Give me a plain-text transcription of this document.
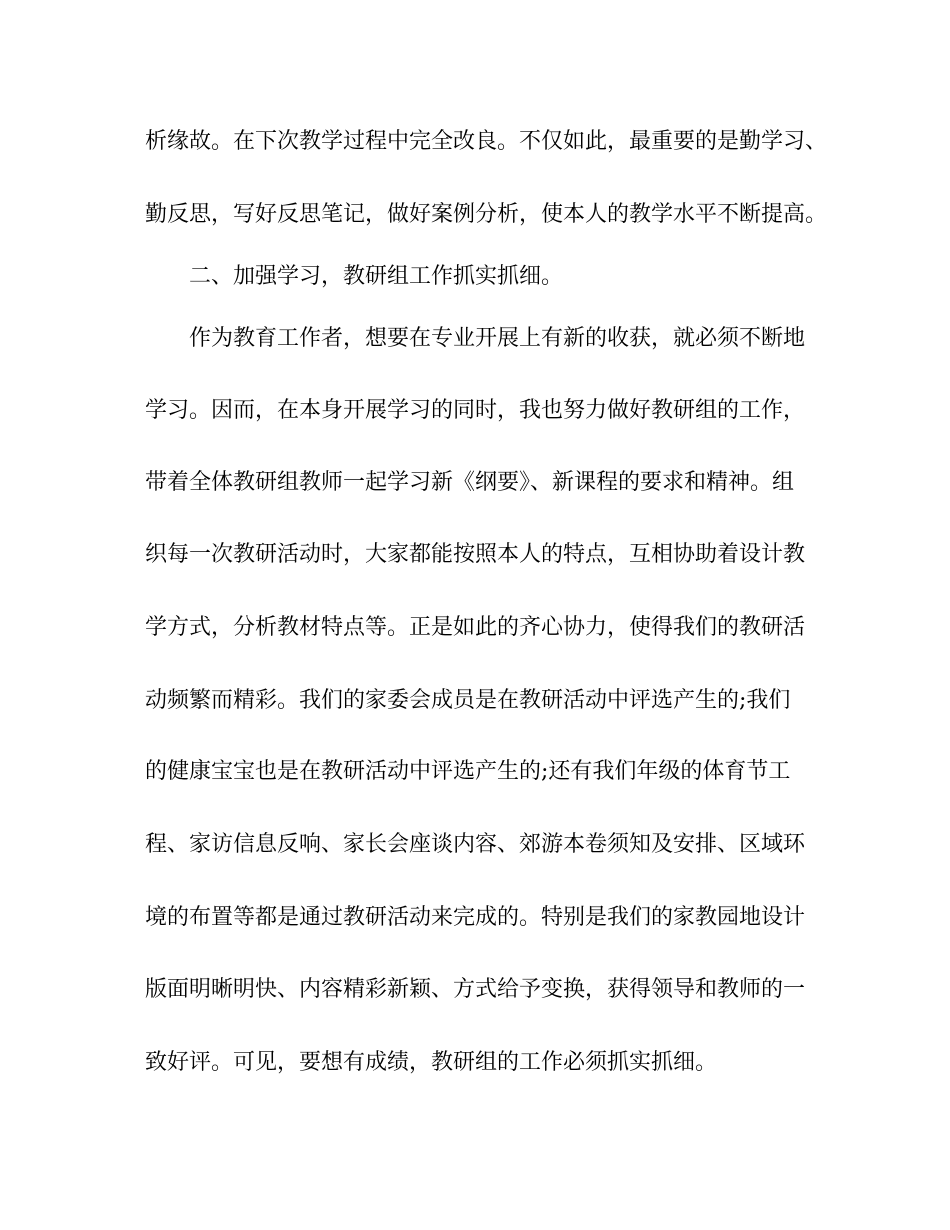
析缘故。在下次教学过程中完全改良。不仅如此，最重要的是勤学习、
勤反思，写好反思笔记，做好案例分析，使本人的教学水平不断提高。
二、加强学习，教研组工作抓实抓细。
作为教育工作者，想要在专业开展上有新的收获，就必须不断地
学习。因而，在本身开展学习的同时，我也努力做好教研组的工作，
带着全体教研组教师一起学习新《纲要》、新课程的要求和精神。组
织每一次教研活动时，大家都能按照本人的特点，互相协助着设计教
学方式，分析教材特点等。正是如此的齐心协力，使得我们的教研活
动频繁而精彩。我们的家委会成员是在教研活动中评选产生的;我们
的健康宝宝也是在教研活动中评选产生的;还有我们年级的体育节工
程、家访信息反响、家长会座谈内容、郊游本卷须知及安排、区域环
境的布置等都是通过教研活动来完成的。特别是我们的家教园地设计
版面明晰明快、内容精彩新颖、方式给予变换，获得领导和教师的一
致好评。可见，要想有成绩，教研组的工作必须抓实抓细。
